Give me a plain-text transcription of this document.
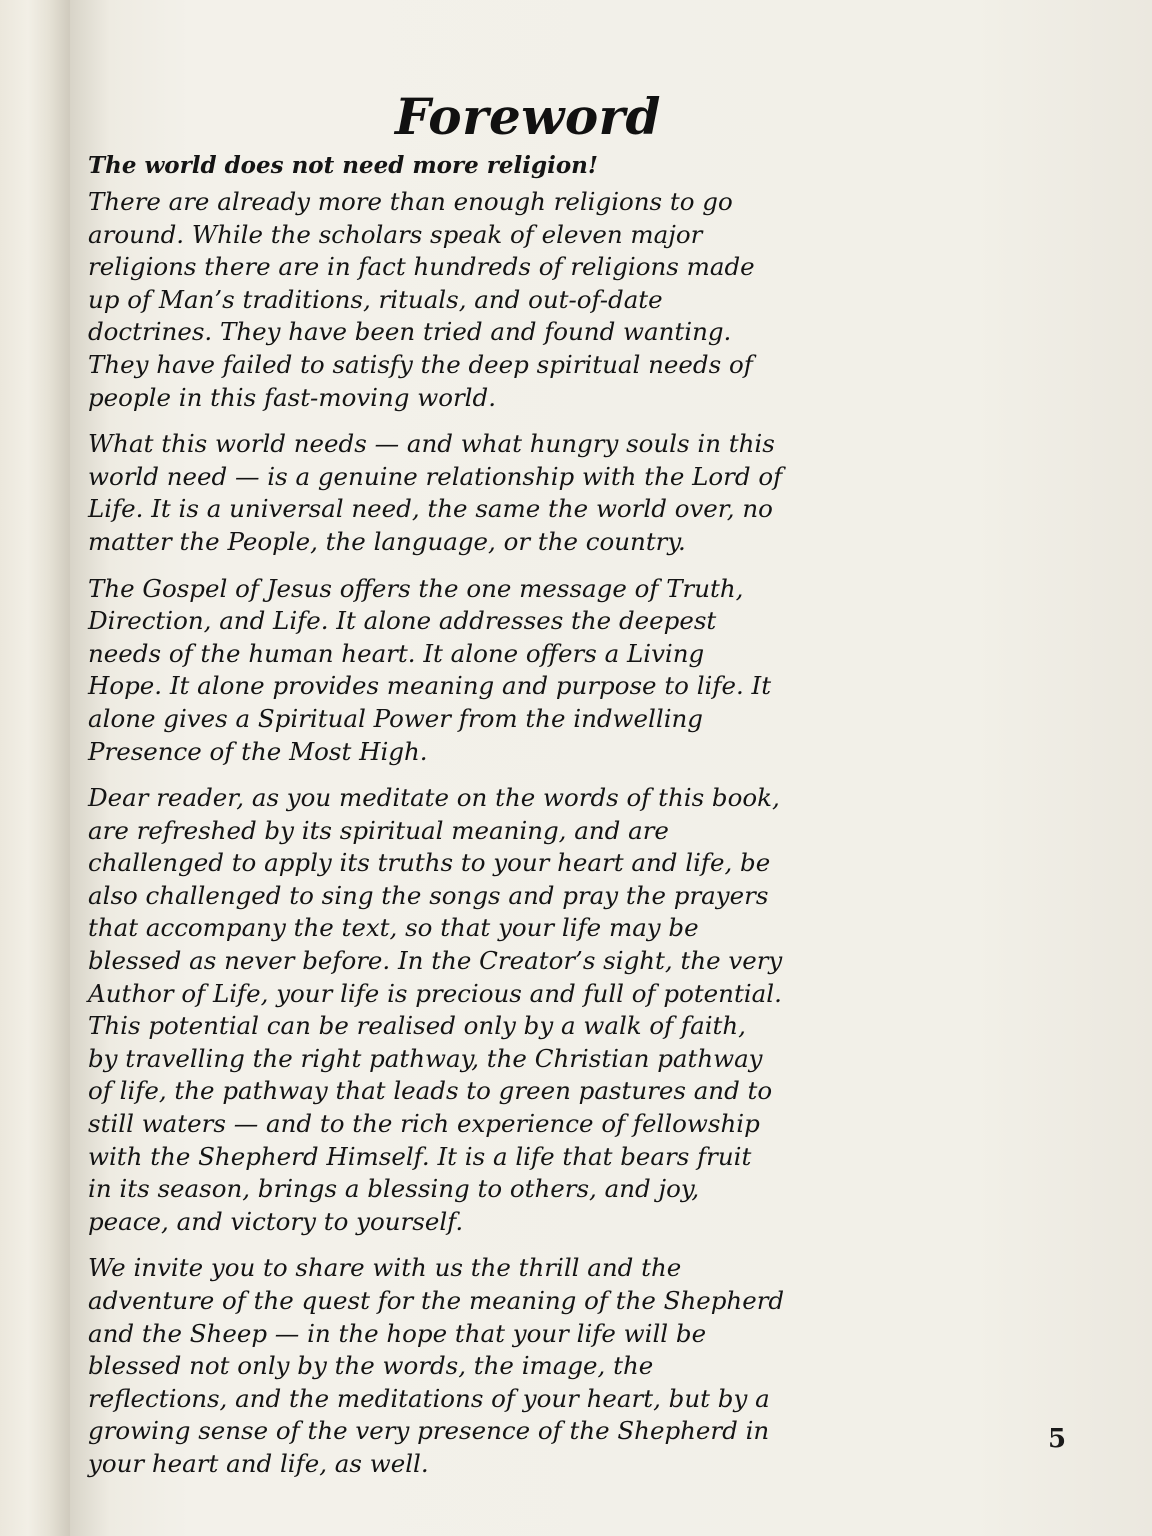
Foreword

The world does not need more religion!

There are already more than enough religions to go
around. While the scholars speak of eleven major
religions there are in fact hundreds of religions made
up of Man’s traditions, rituals, and out-of-date
doctrines. They have been tried and found wanting.
They have failed to satisfy the deep spiritual needs of
people in this fast-moving world.

What this world needs — and what hungry souls in this
world need — is a genuine relationship with the Lord of
Life. It is a universal need, the same the world over, no
matter the People, the language, or the country.

The Gospel of Jesus offers the one message of Truth,
Direction, and Life. It alone addresses the deepest
needs of the human heart. It alone offers a Living
Hope. It alone provides meaning and purpose to life. It
alone gives a Spiritual Power from the indwelling
Presence of the Most High.

Dear reader, as you meditate on the words of this book,
are refreshed by its spiritual meaning, and are
challenged to apply its truths to your heart and life, be
also challenged to sing the songs and pray the prayers
that accompany the text, so that your life may be
blessed as never before. In the Creator’s sight, the very
Author of Life, your life is precious and full of potential.
This potential can be realised only by a walk of faith,
by travelling the right pathway, the Christian pathway
of life, the pathway that leads to green pastures and to
still waters — and to the rich experience of fellowship
with the Shepherd Himself. It is a life that bears fruit
in its season, brings a blessing to others, and joy,
peace, and victory to yourself.

We invite you to share with us the thrill and the
adventure of the quest for the meaning of the Shepherd
and the Sheep — in the hope that your life will be
blessed not only by the words, the image, the
reflections, and the meditations of your heart, but by a
growing sense of the very presence of the Shepherd in
your heart and life, as well.

5
